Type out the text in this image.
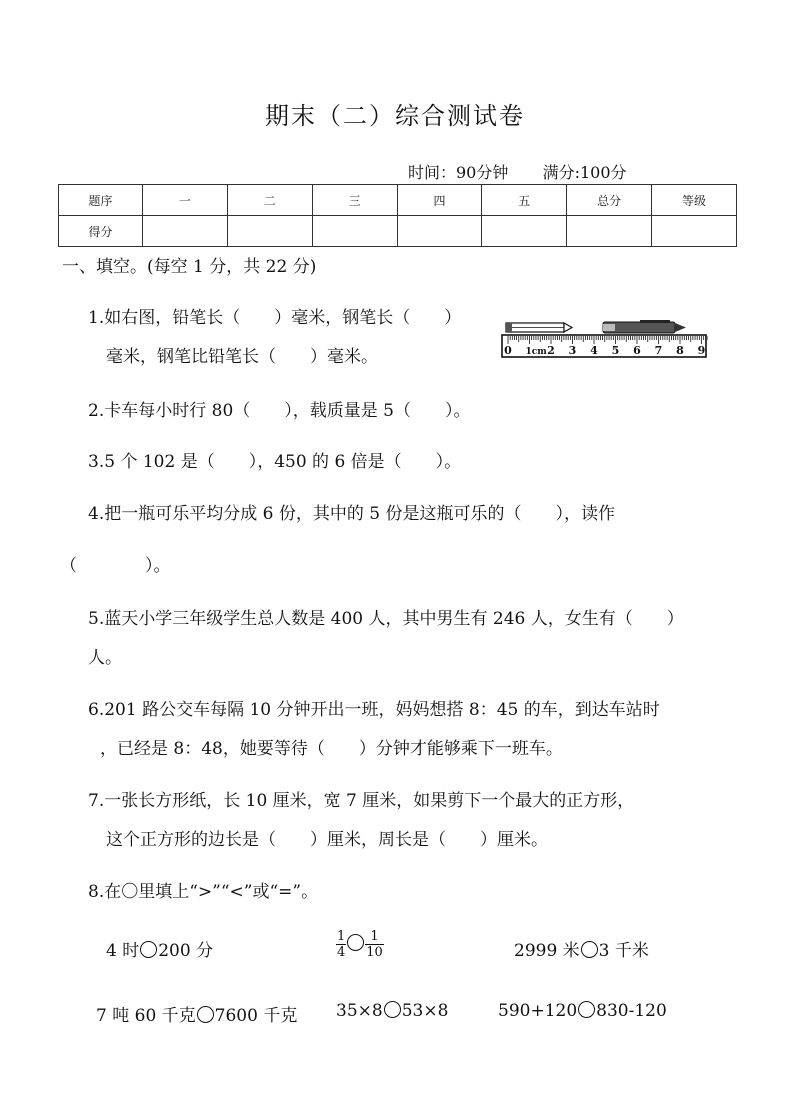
期末（二）综合测试卷
时间：90分钟 满分:100分
题序	一	二	三	四	五	总分	等级
得分							
一、填空。(每空 1 分，共 22 分)
1.如右图，铅笔长（　　）毫米，钢笔长（　　）
毫米，钢笔比铅笔长（　　）毫米。	0 1cm 2 3 4 5 6 7 8 9
2.卡车每小时行 80（　　），载质量是 5（　　）。
3.5 个 102 是（　　），450 的 6 倍是（　　）。
4.把一瓶可乐平均分成 6 份，其中的 5 份是这瓶可乐的（　　），读作
（　　　　）。
5.蓝天小学三年级学生总人数是 400 人，其中男生有 246 人，女生有（　　）
人。
6.201 路公交车每隔 10 分钟开出一班，妈妈想搭 8：45 的车，到达车站时
，已经是 8：48，她要等待（　　）分钟才能够乘下一班车。
7.一张长方形纸，长 10 厘米，宽 7 厘米，如果剪下一个最大的正方形，
这个正方形的边长是（　　）厘米，周长是（　　）厘米。
8.在〇里填上“>”“<”或“=”。
4 时 200 分	$\frac{1}{4} \frac{1}{10}$	2999 米 3 千米
7 吨 60 千克 7600 千克 35×8 53×8	590+120 830-120
